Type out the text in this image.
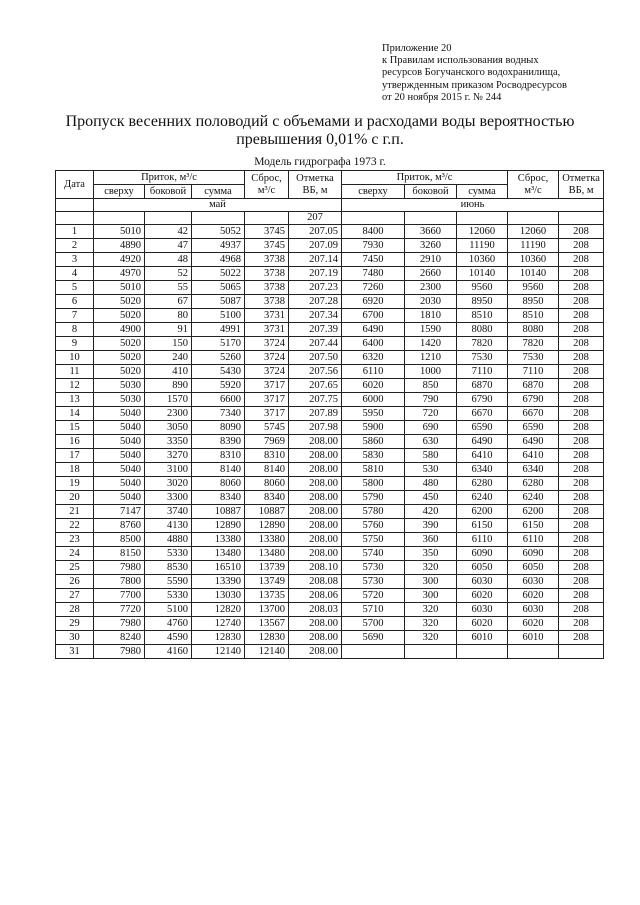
Приложение 20
к Правилам использования водных
ресурсов Богучанского водохранилища,
утвержденным приказом Росводресурсов
от 20 ноября 2015 г. № 244
Пропуск весенних половодий с объемами и расходами воды вероятностью
превышения 0,01% с г.п.
Модель гидрографа 1973 г.
Дата	Приток, м³/с			Сброс, м³/с	Отметка ВБ, м	Приток, м³/с			Сброс, м³/с	Отметка ВБ, м
	сверху	боковой	сумма			сверху	боковой	сумма		
	май					июнь				
					207					
1	5010	42	5052	3745	207.05	8400	3660	12060	12060	208
2	4890	47	4937	3745	207.09	7930	3260	11190	11190	208
3	4920	48	4968	3738	207.14	7450	2910	10360	10360	208
4	4970	52	5022	3738	207.19	7480	2660	10140	10140	208
5	5010	55	5065	3738	207.23	7260	2300	9560	9560	208
6	5020	67	5087	3738	207.28	6920	2030	8950	8950	208
7	5020	80	5100	3731	207.34	6700	1810	8510	8510	208
8	4900	91	4991	3731	207.39	6490	1590	8080	8080	208
9	5020	150	5170	3724	207.44	6400	1420	7820	7820	208
10	5020	240	5260	3724	207.50	6320	1210	7530	7530	208
11	5020	410	5430	3724	207.56	6110	1000	7110	7110	208
12	5030	890	5920	3717	207.65	6020	850	6870	6870	208
13	5030	1570	6600	3717	207.75	6000	790	6790	6790	208
14	5040	2300	7340	3717	207.89	5950	720	6670	6670	208
15	5040	3050	8090	5745	207.98	5900	690	6590	6590	208
16	5040	3350	8390	7969	208.00	5860	630	6490	6490	208
17	5040	3270	8310	8310	208.00	5830	580	6410	6410	208
18	5040	3100	8140	8140	208.00	5810	530	6340	6340	208
19	5040	3020	8060	8060	208.00	5800	480	6280	6280	208
20	5040	3300	8340	8340	208.00	5790	450	6240	6240	208
21	7147	3740	10887	10887	208.00	5780	420	6200	6200	208
22	8760	4130	12890	12890	208.00	5760	390	6150	6150	208
23	8500	4880	13380	13380	208.00	5750	360	6110	6110	208
24	8150	5330	13480	13480	208.00	5740	350	6090	6090	208
25	7980	8530	16510	13739	208.10	5730	320	6050	6050	208
26	7800	5590	13390	13749	208.08	5730	300	6030	6030	208
27	7700	5330	13030	13735	208.06	5720	300	6020	6020	208
28	7720	5100	12820	13700	208.03	5710	320	6030	6030	208
29	7980	4760	12740	13567	208.00	5700	320	6020	6020	208
30	8240	4590	12830	12830	208.00	5690	320	6010	6010	208
31	7980	4160	12140	12140	208.00					
